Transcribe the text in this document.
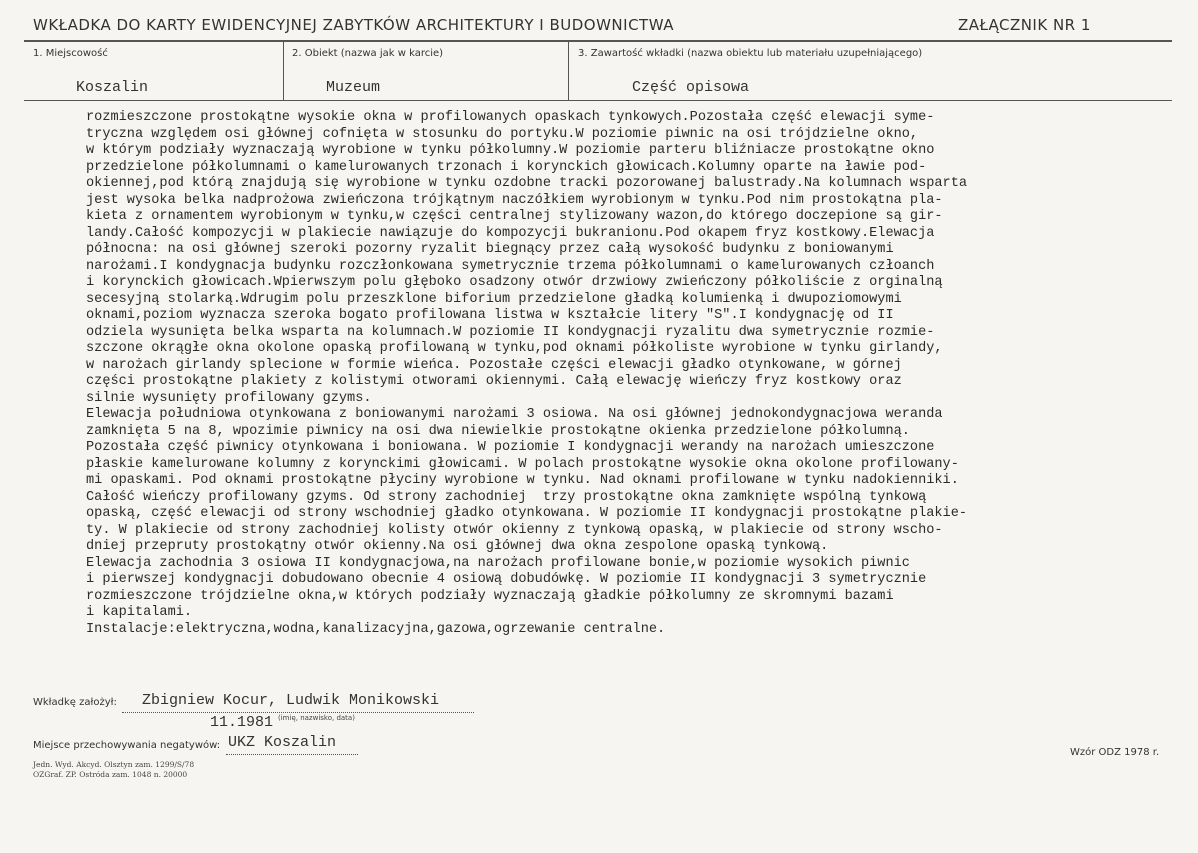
WKŁADKA DO KARTY EWIDENCYJNEJ ZABYTKÓW ARCHITEKTURY I BUDOWNICTWA	ZAŁĄCZNIK NR 1
1. Miejscowość
Koszalin
2. Obiekt (nazwa jak w karcie)
Muzeum
3. Zawartość wkładki (nazwa obiektu lub materiału uzupełniającego)
Część opisowa
rozmieszczone prostokątne wysokie okna w profilowanych opaskach tynkowych.Pozostała część elewacji syme-
tryczna względem osi głównej cofnięta w stosunku do portyku.W poziomie piwnic na osi trójdzielne okno,
w którym podziały wyznaczają wyrobione w tynku półkolumny.W poziomie parteru bliźniacze prostokątne okno
przedzielone półkolumnami o kamelurowanych trzonach i korynckich głowicach.Kolumny oparte na ławie pod-
okiennej,pod którą znajdują się wyrobione w tynku ozdobne tracki pozorowanej balustrady.Na kolumnach wsparta
jest wysoka belka nadprożowa zwieńczona trójkątnym naczółkiem wyrobionym w tynku.Pod nim prostokątna pla-
kieta z ornamentem wyrobionym w tynku,w części centralnej stylizowany wazon,do którego doczepione są gir-
landy.Całość kompozycji w plakiecie nawiązuje do kompozycji bukranionu.Pod okapem fryz kostkowy.Elewacja
północna: na osi głównej szeroki pozorny ryzalit biegnący przez całą wysokość budynku z boniowanymi
narożami.I kondygnacja budynku rozczłonkowana symetrycznie trzema półkolumnami o kamelurowanych człoanch
i korynckich głowicach.Wpierwszym polu głęboko osadzony otwór drzwiowy zwieńczony półkoliście z orginalną
secesyjną stolarką.Wdrugim polu przeszklone biforium przedzielone gładką kolumienką i dwupoziomowymi
oknami,poziom wyznacza szeroka bogato profilowana listwa w kształcie litery "S".I kondygnację od II
odziela wysunięta belka wsparta na kolumnach.W poziomie II kondygnacji ryzalitu dwa symetrycznie rozmie-
szczone okrągłe okna okolone opaską profilowaną w tynku,pod oknami półkoliste wyrobione w tynku girlandy,
w narożach girlandy splecione w formie wieńca. Pozostałe części elewacji gładko otynkowane, w górnej
części prostokątne plakiety z kolistymi otworami okiennymi. Całą elewację wieńczy fryz kostkowy oraz
silnie wysunięty profilowany gzyms.
Elewacja południowa otynkowana z boniowanymi narożami 3 osiowa. Na osi głównej jednokondygnacjowa weranda
zamknięta 5 na 8, wpozimie piwnicy na osi dwa niewielkie prostokątne okienka przedzielone półkolumną.
Pozostała część piwnicy otynkowana i boniowana. W poziomie I kondygnacji werandy na narożach umieszczone
płaskie kamelurowane kolumny z korynckimi głowicami. W polach prostokątne wysokie okna okolone profilowany-
mi opaskami. Pod oknami prostokątne płyciny wyrobione w tynku. Nad oknami profilowane w tynku nadokienniki.
Całość wieńczy profilowany gzyms. Od strony zachodniej  trzy prostokątne okna zamknięte wspólną tynkową
opaską, część elewacji od strony wschodniej gładko otynkowana. W poziomie II kondygnacji prostokątne plakie-
ty. W plakiecie od strony zachodniej kolisty otwór okienny z tynkową opaską, w plakiecie od strony wscho-
dniej przepruty prostokątny otwór okienny.Na osi głównej dwa okna zespolone opaską tynkową.
Elewacja zachodnia 3 osiowa II kondygnacjowa,na narożach profilowane bonie,w poziomie wysokich piwnic
i pierwszej kondygnacji dobudowano obecnie 4 osiową dobudówkę. W poziomie II kondygnacji 3 symetrycznie
rozmieszczone trójdzielne okna,w których podziały wyznaczają gładkie półkolumny ze skromnymi bazami
i kapitalami.
Instalacje:elektryczna,wodna,kanalizacyjna,gazowa,ogrzewanie centralne.
Wkładkę założył: Zbigniew Kocur, Ludwik Monikowski
(imię, nazwisko, data)
11.1981
Miejsce przechowywania negatywów: UKZ Koszalin
Jedn. Wyd. Akcyd. Olsztyn zam. 1299/S/78
OZGraf. ZP. Ostróda zam. 1048 n. 20000
Wzór ODZ 1978 r.
